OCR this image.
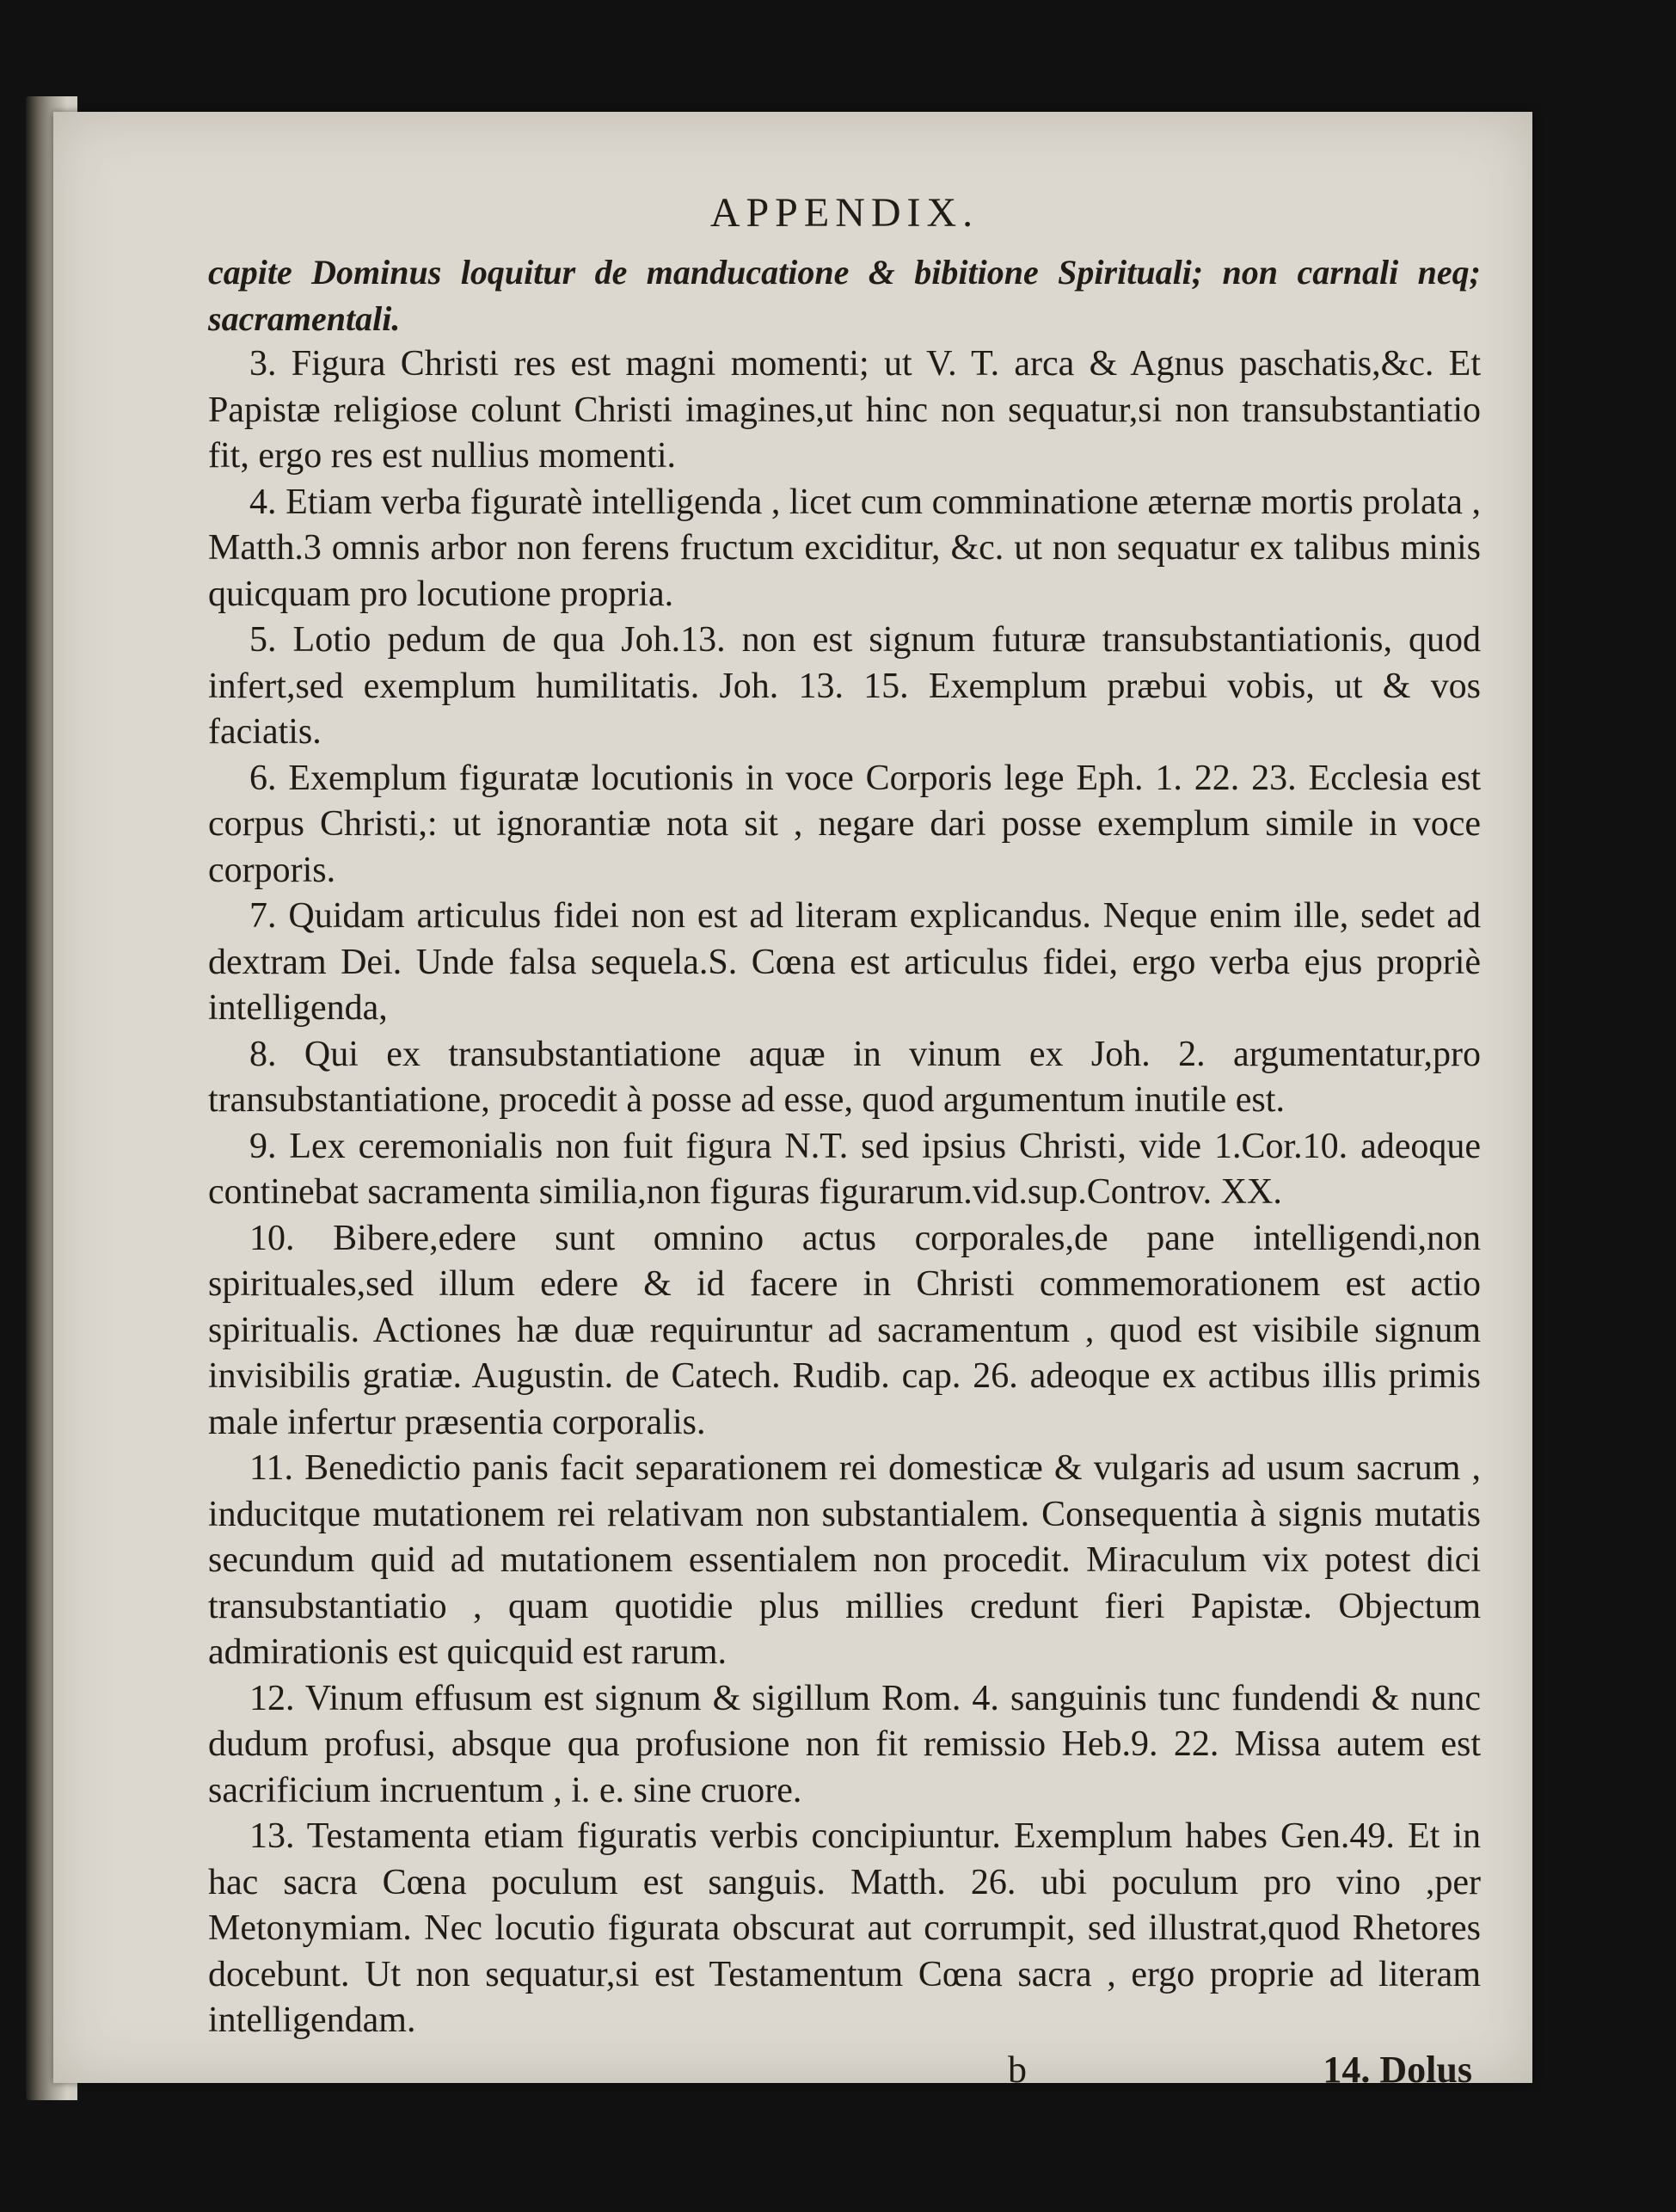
APPENDIX.

capite Dominus loquitur de manducatione & bibitione Spirituali; non carnali neq; sacramentali.

3. Figura Christi res est magni momenti; ut V. T. arca & Agnus paschatis,&c. Et Papistæ religiose colunt Christi imagines,ut hinc non sequatur,si non transubstantiatio fit, ergo res est nullius momenti.

4. Etiam verba figuratè intelligenda , licet cum comminatione æternæ mortis prolata , Matth.3 omnis arbor non ferens fructum exciditur, &c. ut non sequatur ex talibus minis quicquam pro locutione propria.

5. Lotio pedum de qua Joh.13. non est signum futuræ transubstantiationis, quod infert,sed exemplum humilitatis. Joh. 13. 15. Exemplum præbui vobis, ut & vos faciatis.

6. Exemplum figuratæ locutionis in voce Corporis lege Eph. 1. 22. 23. Ecclesia est corpus Christi,: ut ignorantiæ nota sit , negare dari posse exemplum simile in voce corporis.

7. Quidam articulus fidei non est ad literam explicandus. Neque enim ille, sedet ad dextram Dei. Unde falsa sequela.S. Cœna est articulus fidei, ergo verba ejus propriè intelligenda,

8. Qui ex transubstantiatione aquæ in vinum ex Joh. 2. argumentatur,pro transubstantiatione, procedit à posse ad esse, quod argumentum inutile est.

9. Lex ceremonialis non fuit figura N.T. sed ipsius Christi, vide 1.Cor.10. adeoque continebat sacramenta similia,non figuras figurarum.vid.sup.Controv. XX.

10. Bibere,edere sunt omnino actus corporales,de pane intelligendi,non spirituales,sed illum edere & id facere in Christi commemorationem est actio spiritualis. Actiones hæ duæ requiruntur ad sacramentum , quod est visibile signum invisibilis gratiæ. Augustin. de Catech. Rudib. cap. 26. adeoque ex actibus illis primis male infertur præsentia corporalis.

11. Benedictio panis facit separationem rei domesticæ & vulgaris ad usum sacrum , inducitque mutationem rei relativam non substantialem. Consequentia à signis mutatis secundum quid ad mutationem essentialem non procedit. Miraculum vix potest dici transubstantiatio , quam quotidie plus millies credunt fieri Papistæ. Objectum admirationis est quicquid est rarum.

12. Vinum effusum est signum & sigillum Rom. 4. sanguinis tunc fundendi & nunc dudum profusi, absque qua profusione non fit remissio Heb.9. 22. Missa autem est sacrificium incruentum , i. e. sine cruore.

13. Testamenta etiam figuratis verbis concipiuntur. Exemplum habes Gen.49. Et in hac sacra Cœna poculum est sanguis. Matth. 26. ubi poculum pro vino ,per Metonymiam. Nec locutio figurata obscurat aut corrumpit, sed illustrat,quod Rhetores docebunt. Ut non sequatur,si est Testamentum Cœna sacra , ergo proprie ad literam intelligendam.

b	14. Dolus
